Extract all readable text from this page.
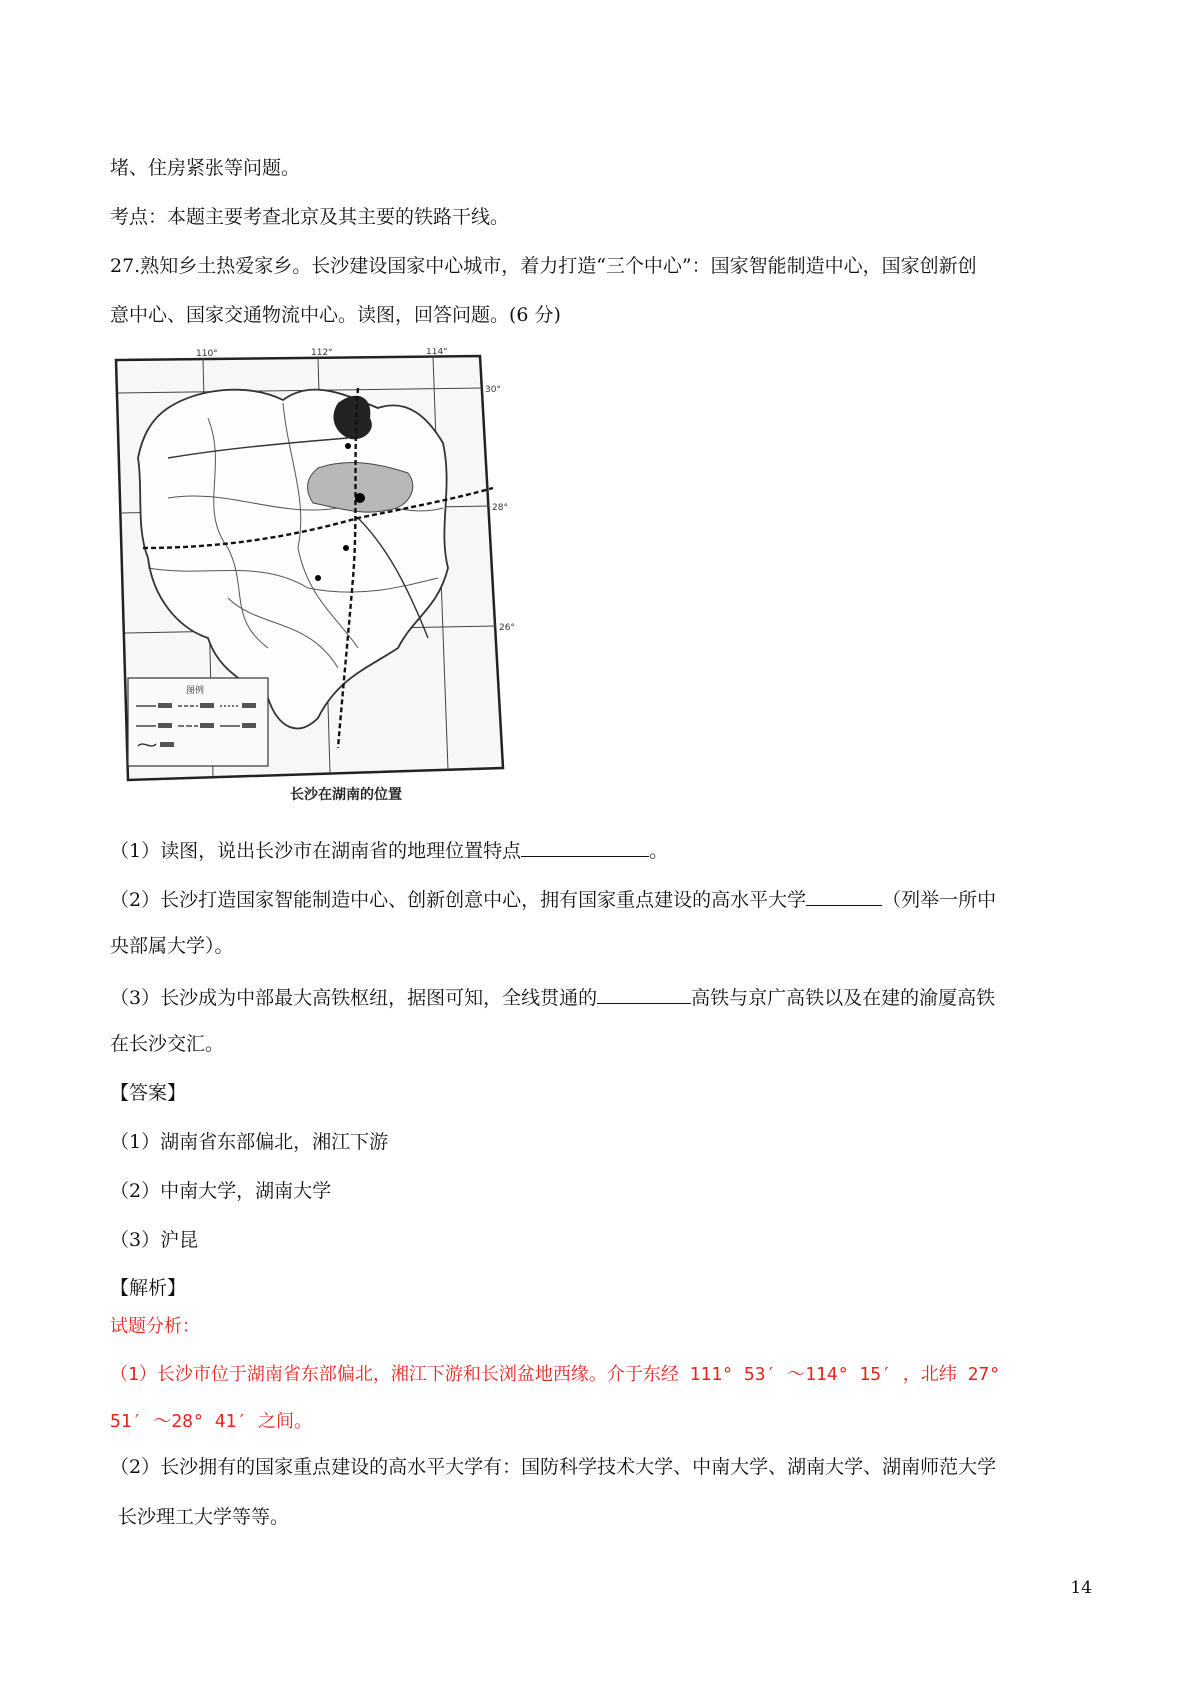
堵、住房紧张等问题。
考点：本题主要考查北京及其主要的铁路干线。
27.熟知乡土热爱家乡。长沙建设国家中心城市，着力打造“三个中心”：国家智能制造中心，国家创新创
意中心、国家交通物流中心。读图，回答问题。(6 分)
110°	112°	114°
30°
28°
26°
图例
长沙在湖南的位置
（1）读图，说出长沙市在湖南省的地理位置特点	。
（2）长沙打造国家智能制造中心、创新创意中心，拥有国家重点建设的高水平大学	（列举一所中
央部属大学）。
（3）长沙成为中部最大高铁枢纽，据图可知，全线贯通的	高铁与京广高铁以及在建的渝厦高铁
在长沙交汇。
【答案】
（1）湖南省东部偏北，湘江下游
（2）中南大学，湖南大学
（3）沪昆
【解析】
试题分析：
（1）长沙市位于湖南省东部偏北，湘江下游和长浏盆地西缘。介于东经 111° 53′ ～114° 15′ ，北纬 27°
51′ ～28° 41′ 之间。
（2）长沙拥有的国家重点建设的高水平大学有：国防科学技术大学、中南大学、湖南大学、湖南师范大学
长沙理工大学等等。
14
